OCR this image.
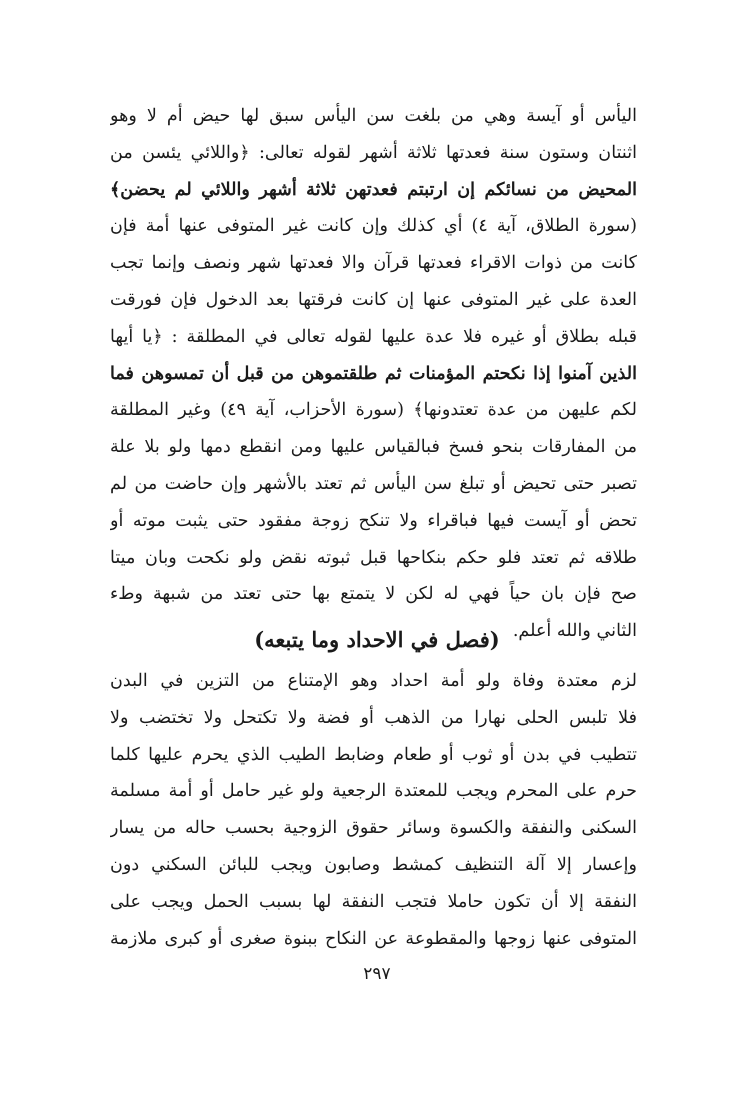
اليأس أو آيسة وهي من بلغت سن اليأس سبق لها حيض أم لا وهو
اثنتان وستون سنة فعدتها ثلاثة أشهر لقوله تعالى: ﴿واللائي يئسن من
المحيض من نسائكم إن ارتبتم فعدتهن ثلاثة أشهر واللائي لم يحضن﴾
(سورة الطلاق، آية ٤) أي كذلك وإن كانت غير المتوفى عنها أمة فإن
كانت من ذوات الاقراء فعدتها قرآن والا فعدتها شهر ونصف وإنما تجب
العدة على غير المتوفى عنها إن كانت فرقتها بعد الدخول فإن فورقت
قبله بطلاق أو غيره فلا عدة عليها لقوله تعالى في المطلقة : ﴿يا أيها
الذين آمنوا إذا نكحتم المؤمنات ثم طلقتموهن من قبل أن تمسوهن فما
لكم عليهن من عدة تعتدونها﴾ (سورة الأحزاب، آية ٤٩) وغير المطلقة
من المفارقات بنحو فسخ فبالقياس عليها ومن انقطع دمها ولو بلا علة
تصبر حتى تحيض أو تبلغ سن اليأس ثم تعتد بالأشهر وإن حاضت من لم
تحض أو آيست فيها فباقراء ولا تنكح زوجة مفقود حتى يثبت موته أو
طلاقه ثم تعتد فلو حكم بنكاحها قبل ثبوته نقض ولو نكحت وبان ميتا
صح فإن بان حياً فهي له لكن لا يتمتع بها حتى تعتد من شبهة وطء
الثاني والله أعلم.
(فصل في الاحداد وما يتبعه)
لزم معتدة وفاة ولو أمة احداد وهو الإمتناع من التزين في البدن
فلا تلبس الحلى نهارا من الذهب أو فضة ولا تكتحل ولا تختضب ولا
تتطيب في بدن أو ثوب أو طعام وضابط الطيب الذي يحرم عليها كلما
حرم على المحرم ويجب للمعتدة الرجعية ولو غير حامل أو أمة مسلمة
السكنى والنفقة والكسوة وسائر حقوق الزوجية بحسب حاله من يسار
وإعسار إلا آلة التنظيف كمشط وصابون ويجب للبائن السكني دون
النفقة إلا أن تكون حاملا فتجب النفقة لها بسبب الحمل ويجب على
المتوفى عنها زوجها والمقطوعة عن النكاح ببنوة صغرى أو كبرى ملازمة
٢٩٧
